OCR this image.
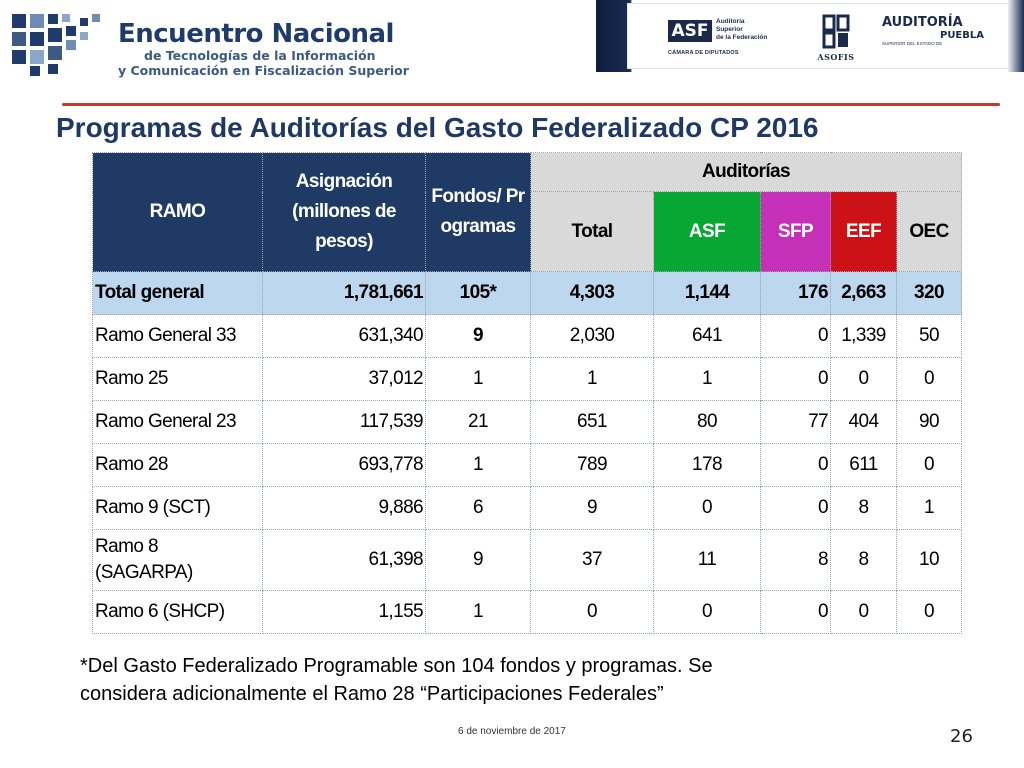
Encuentro Nacional
de Tecnologías de la Información
y Comunicación en Fiscalización Superior
ASF	Auditoría
Superior
de la Federación
CÁMARA DE DIPUTADOS	ASOFIS
AUDITORÍA
PUEBLA
SUPERIOR DEL ESTADO DE
Programas de Auditorías del Gasto Federalizado CP 2016
RAMO	Asignación (millones de pesos)	Fondos/ Programas	Auditorías				
			Total	ASF	SFP	EEF	OEC
Total general	1,781,661	105*	4,303	1,144	176	2,663	320
Ramo General 33	631,340	9	2,030	641	0	1,339	50
Ramo 25	37,012	1	1	1	0	0	0
Ramo General 23	117,539	21	651	80	77	404	90
Ramo 28	693,778	1	789	178	0	611	0
Ramo 9 (SCT)	9,886	6	9	0	0	8	1
Ramo 8 (SAGARPA)	61,398	9	37	11	8	8	10
Ramo 6 (SHCP)	1,155	1	0	0	0	0	0
*Del Gasto Federalizado Programable son 104 fondos y programas. Se
considera adicionalmente el Ramo 28 “Participaciones Federales”
6 de noviembre de 2017	26
